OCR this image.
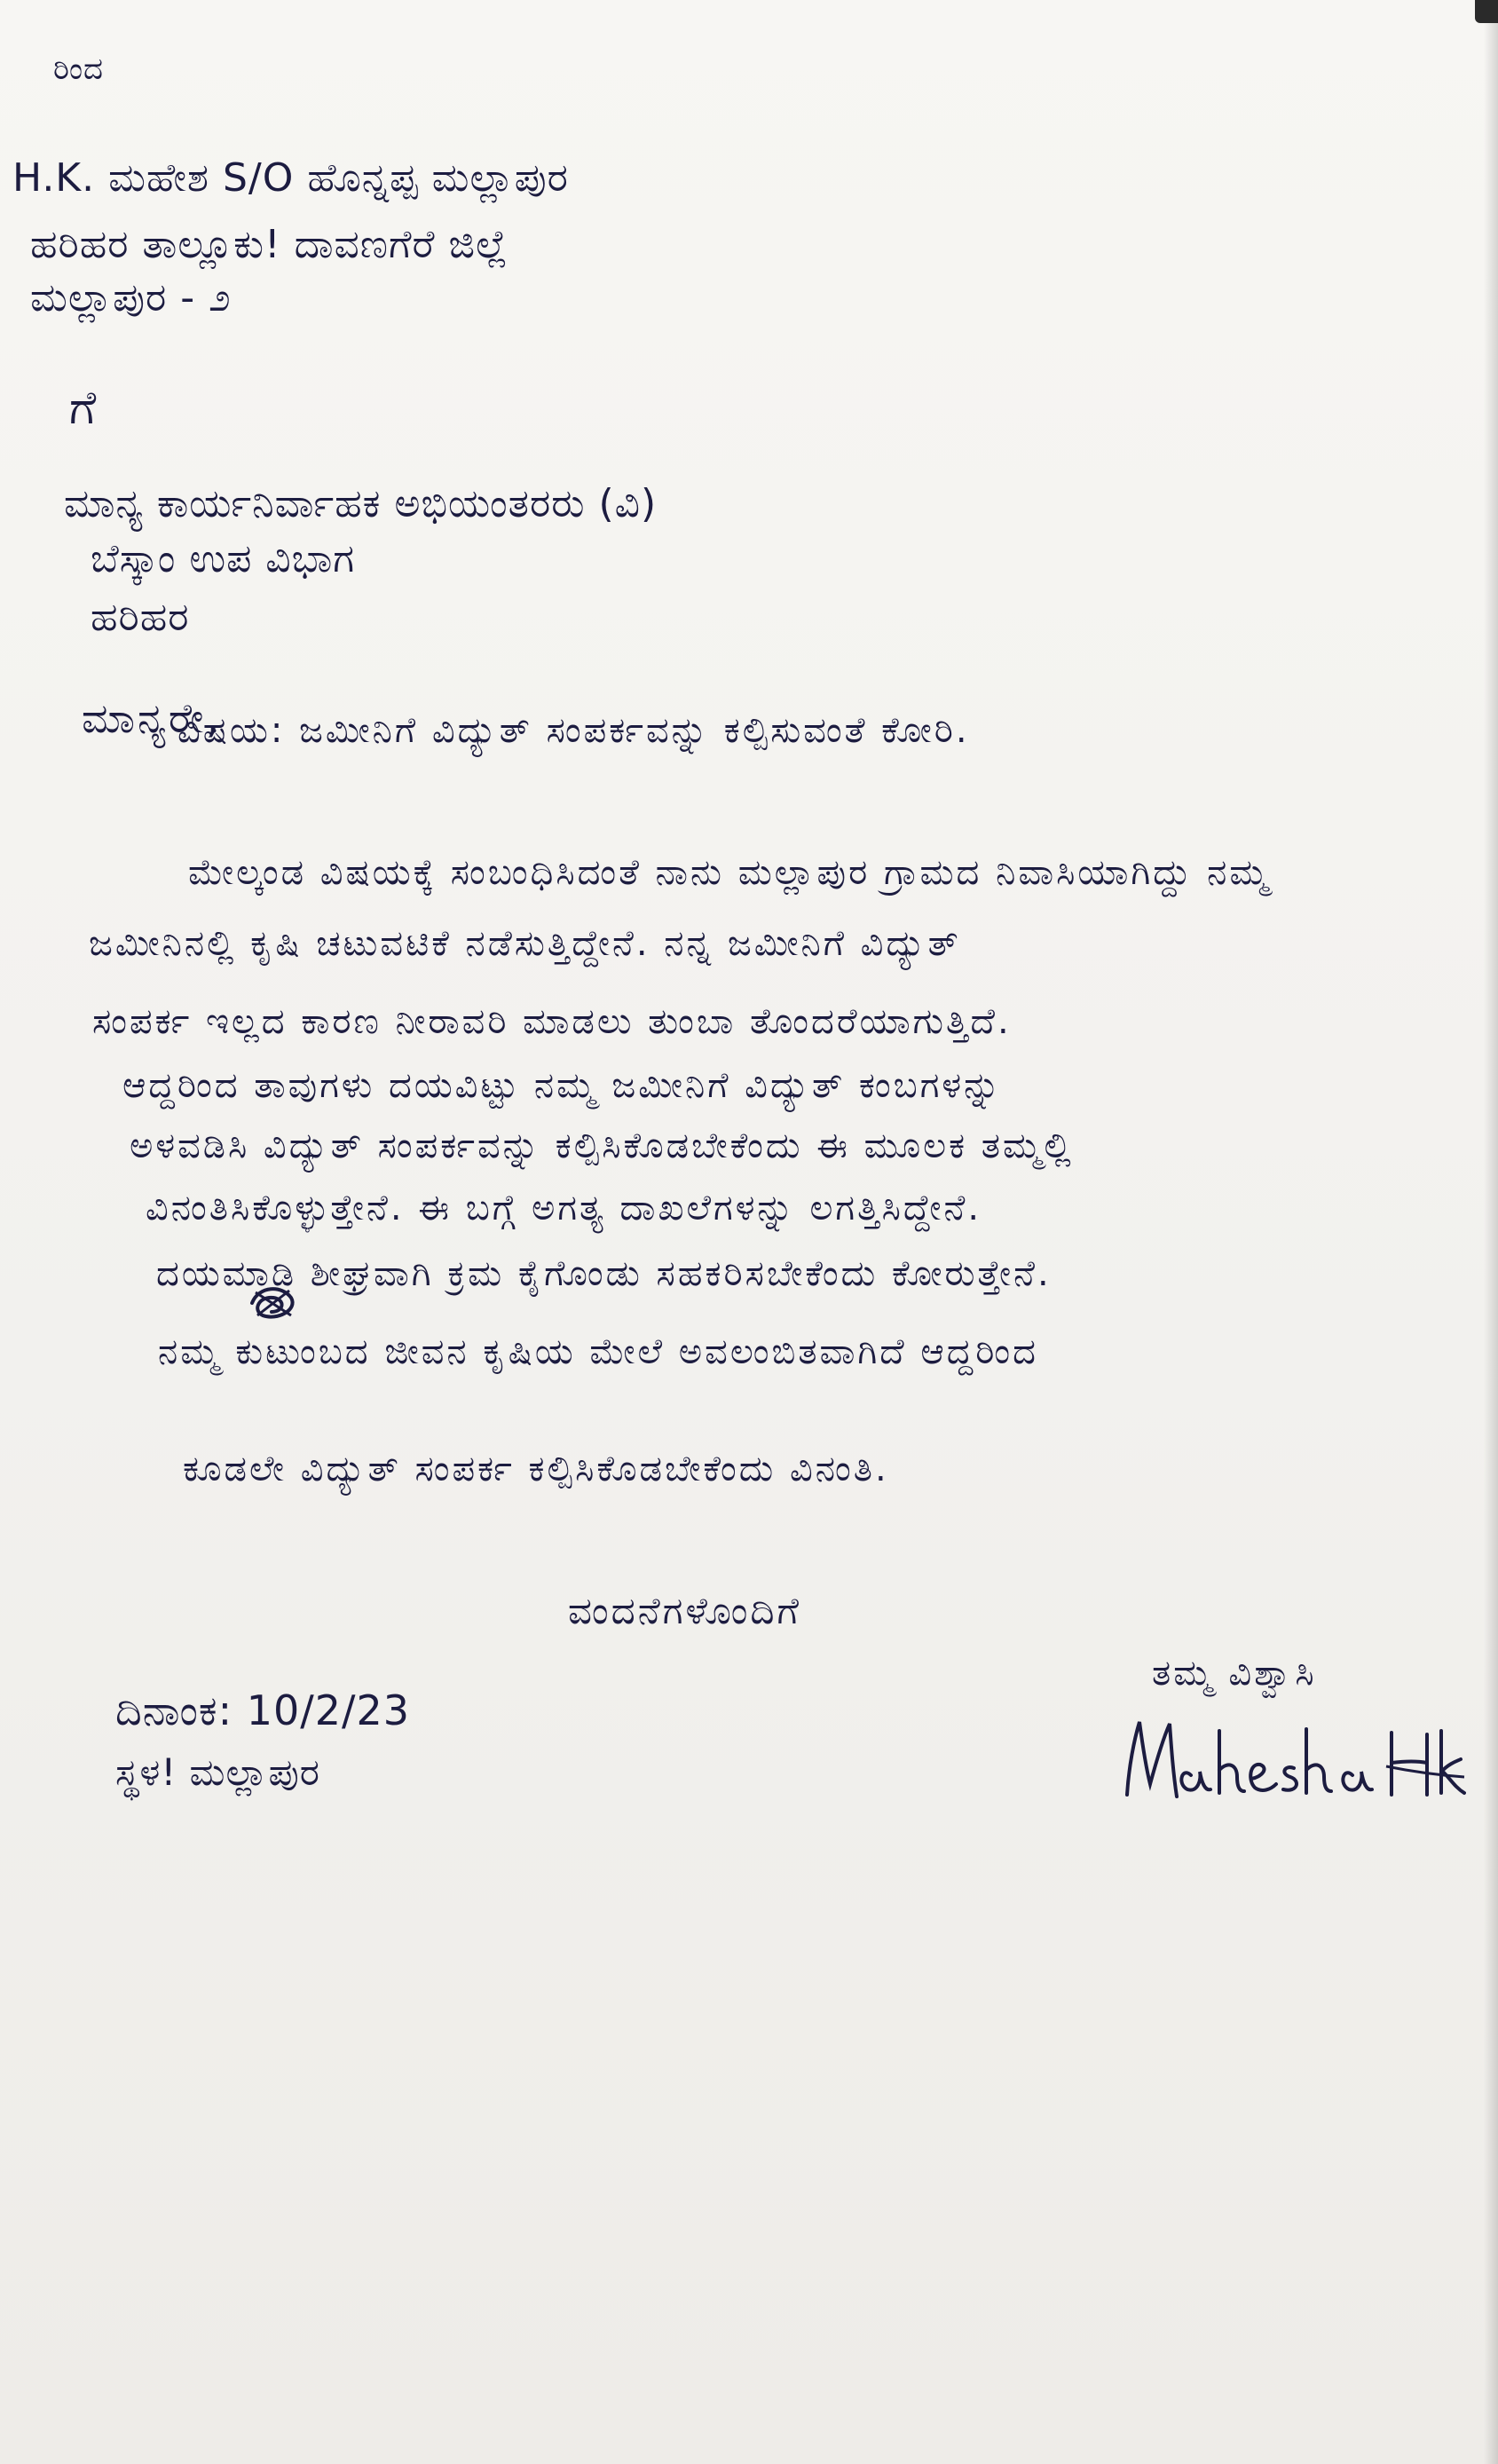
ರಿಂದ
H.K. ಮಹೇಶ S/O ಹೊನ್ನಪ್ಪ ಮಲ್ಲಾಪುರ
ಹರಿಹರ ತಾಲ್ಲೂಕು! ದಾವಣಗೆರೆ ಜಿಲ್ಲೆ
ಮಲ್ಲಾಪುರ - ೨
ಗೆ
ಮಾನ್ಯ ಕಾರ್ಯನಿರ್ವಾಹಕ ಅಭಿಯಂತರರು (ವಿ)
ಬೆಸ್ಕಾಂ ಉಪ ವಿಭಾಗ
ಹರಿಹರ
ಮಾನ್ಯರೇ,
ವಿಷಯ: ಜಮೀನಿಗೆ ವಿದ್ಯುತ್ ಸಂಪರ್ಕವನ್ನು ಕಲ್ಪಿಸುವಂತೆ ಕೋರಿ.
ಮೇಲ್ಕಂಡ ವಿಷಯಕ್ಕೆ ಸಂಬಂಧಿಸಿದಂತೆ ನಾನು ಮಲ್ಲಾಪುರ ಗ್ರಾಮದ ನಿವಾಸಿಯಾಗಿದ್ದು ನಮ್ಮ
ಜಮೀನಿನಲ್ಲಿ ಕೃಷಿ ಚಟುವಟಿಕೆ ನಡೆಸುತ್ತಿದ್ದೇನೆ. ನನ್ನ ಜಮೀನಿಗೆ ವಿದ್ಯುತ್
ಸಂಪರ್ಕ ಇಲ್ಲದ ಕಾರಣ ನೀರಾವರಿ ಮಾಡಲು ತುಂಬಾ ತೊಂದರೆಯಾಗುತ್ತಿದೆ.
ಆದ್ದರಿಂದ ತಾವುಗಳು ದಯವಿಟ್ಟು ನಮ್ಮ ಜಮೀನಿಗೆ ವಿದ್ಯುತ್ ಕಂಬಗಳನ್ನು
ಅಳವಡಿಸಿ ವಿದ್ಯುತ್ ಸಂಪರ್ಕವನ್ನು ಕಲ್ಪಿಸಿಕೊಡಬೇಕೆಂದು ಈ ಮೂಲಕ ತಮ್ಮಲ್ಲಿ
ವಿನಂತಿಸಿಕೊಳ್ಳುತ್ತೇನೆ. ಈ ಬಗ್ಗೆ ಅಗತ್ಯ ದಾಖಲೆಗಳನ್ನು ಲಗತ್ತಿಸಿದ್ದೇನೆ.
ದಯಮಾಡಿ ಶೀಘ್ರವಾಗಿ ಕ್ರಮ ಕೈಗೊಂಡು ಸಹಕರಿಸಬೇಕೆಂದು ಕೋರುತ್ತೇನೆ.
ನಮ್ಮ ಕುಟುಂಬದ ಜೀವನ ಕೃಷಿಯ ಮೇಲೆ ಅವಲಂಬಿತವಾಗಿದೆ ಆದ್ದರಿಂದ
ಕೂಡಲೇ ವಿದ್ಯುತ್ ಸಂಪರ್ಕ ಕಲ್ಪಿಸಿಕೊಡಬೇಕೆಂದು ವಿನಂತಿ.
ವಂದನೆಗಳೊಂದಿಗೆ
ತಮ್ಮ ವಿಶ್ವಾಸಿ
ದಿನಾಂಕ: 10/2/23
ಸ್ಥಳ! ಮಲ್ಲಾಪುರ
